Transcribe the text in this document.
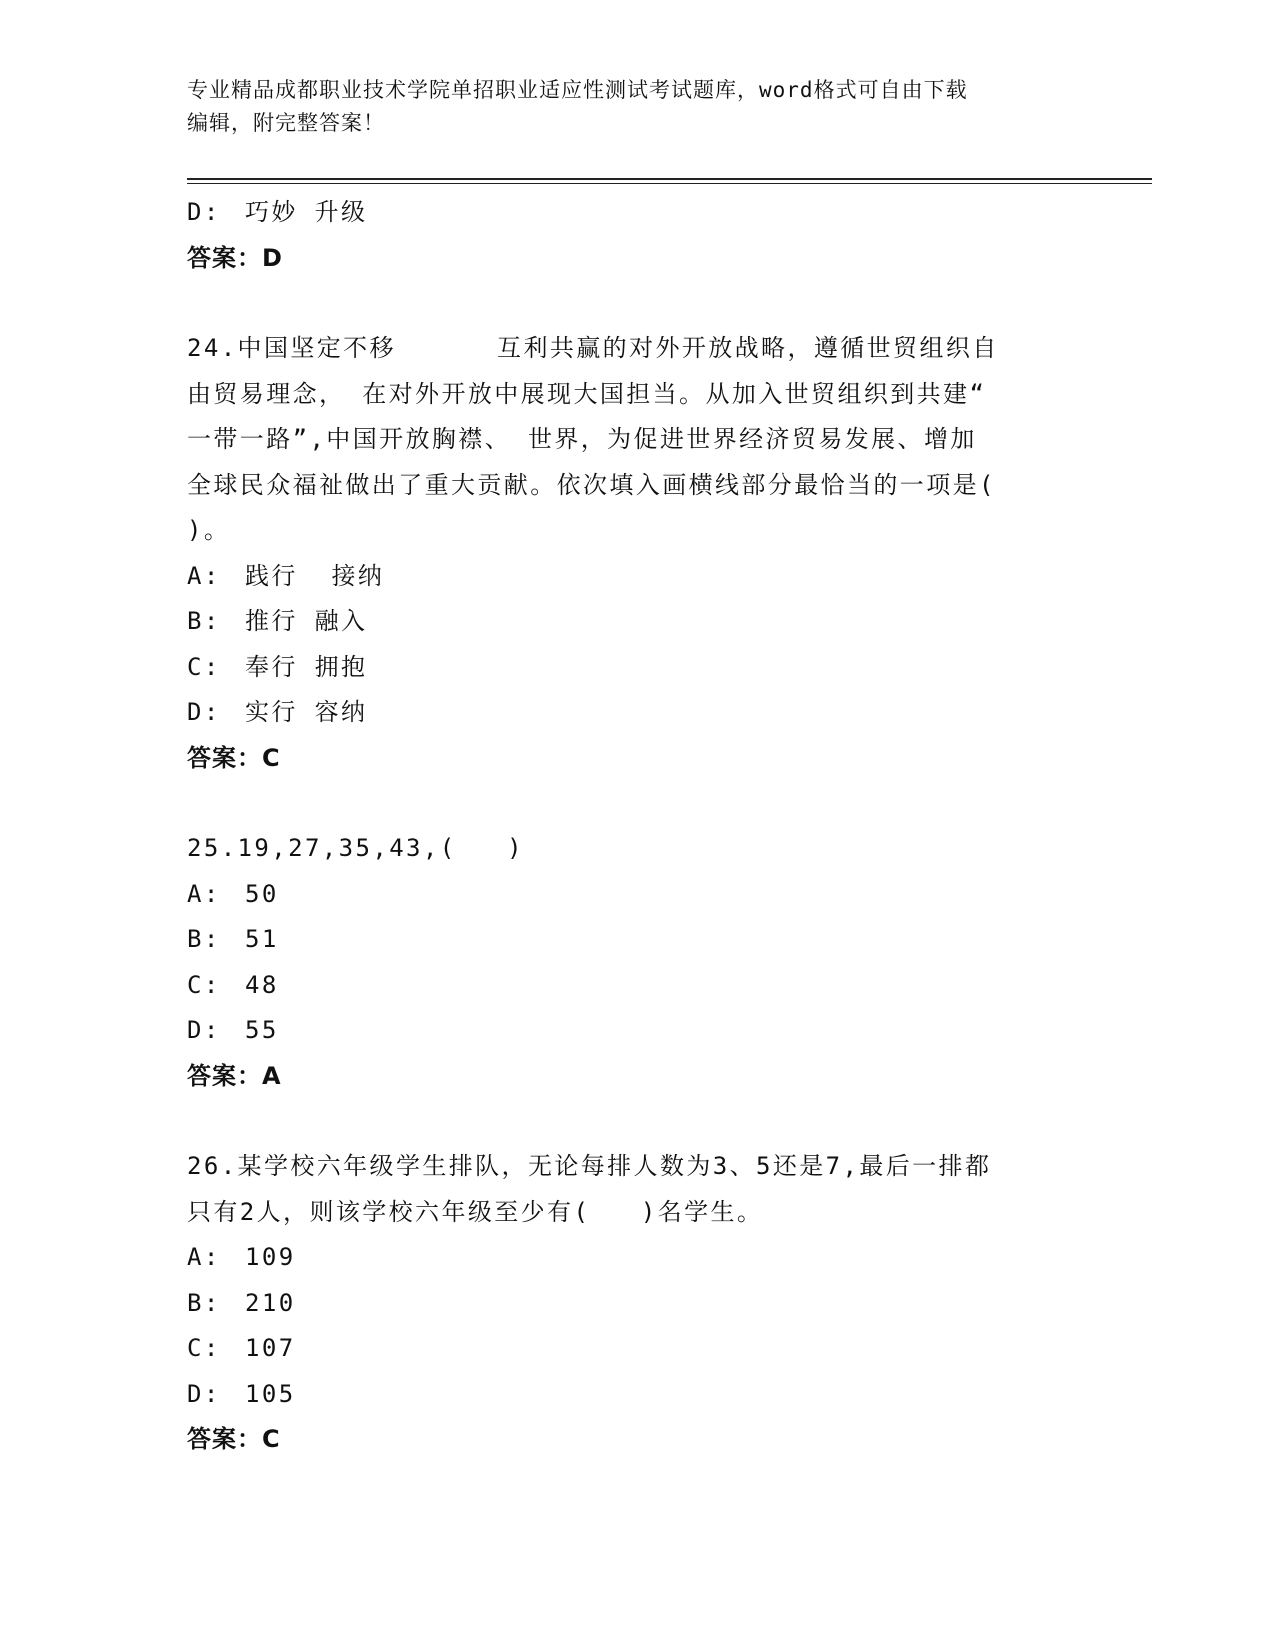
专业精品成都职业技术学院单招职业适应性测试考试题库，word格式可自由下载
编辑，附完整答案！
D:	巧妙 升级
答案：D
24.中国坚定不移      互利共赢的对外开放战略，遵循世贸组织自
由贸易理念， 在对外开放中展现大国担当。从加入世贸组织到共建“
一带一路”,中国开放胸襟、 世界，为促进世界经济贸易发展、增加
全球民众福祉做出了重大贡献。依次填入画横线部分最恰当的一项是(
)。
A:	践行  接纳
B:	推行 融入
C:	奉行 拥抱
D:	实行 容纳
答案：C
25.19,27,35,43,(   )
A:	50
B:	51
C:	48
D:	55
答案：A
26.某学校六年级学生排队，无论每排人数为3、5还是7,最后一排都
只有2人，则该学校六年级至少有(   )名学生。
A:	109
B:	210
C:	107
D:	105
答案：C
